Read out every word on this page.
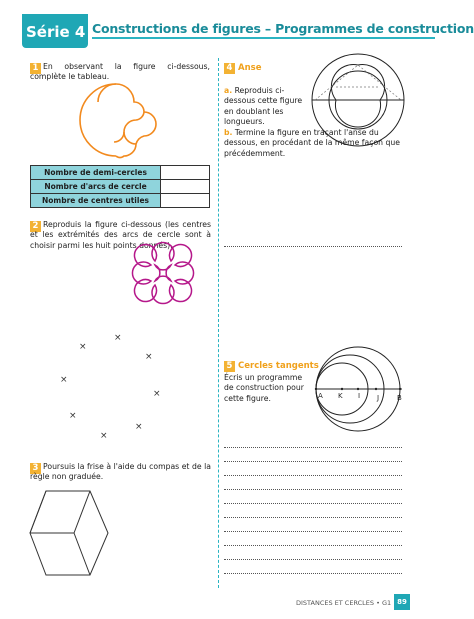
Série 4 Constructions de figures – Programmes de construction
1 En observant la figure ci-dessous, complète le tableau.
Nombre de demi-cercles	
Nombre d'arcs de cercle	
Nombre de centres utiles	
2 Reproduis la figure ci-dessous (les centres et les extrémités des arcs de cercle sont à choisir parmi les huit points donnés).
×
×
×
×
×
×
×
×
3 Poursuis la frise à l'aide du compas et de la règle non graduée.
4 Anse
a. Reproduis ci-dessous cette figure en doublant les longueurs.
b. Termine la figure en traçant l'anse du dessous, en procédant de la même façon que précédemment.
5 Cercles tangents
Écris un programme de construction pour cette figure.	A K I J	B
DISTANCES ET CERCLES • G1 89
